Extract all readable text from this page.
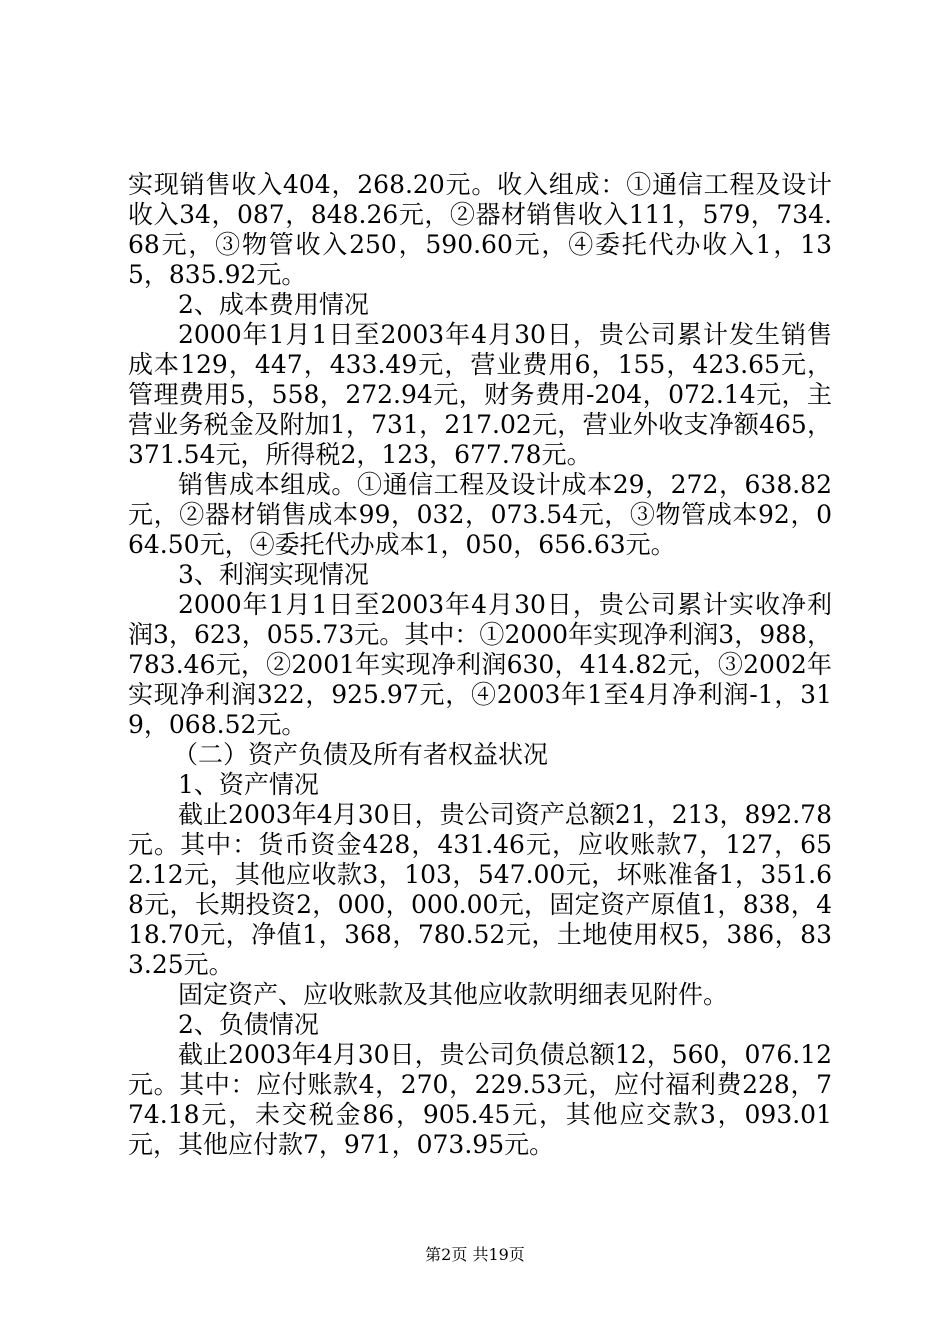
实现销售收入404，268.20元。收入组成：①通信工程及设计收入34，087，848.26元，②器材销售收入111，579，734.68元，③物管收入250，590.60元，④委托代办收入1，135，835.92元。

2、成本费用情况

2000年1月1日至2003年4月30日，贵公司累计发生销售成本129，447，433.49元，营业费用6，155，423.65元，管理费用5，558，272.94元，财务费用-204，072.14元，主营业务税金及附加1，731，217.02元，营业外收支净额465，371.54元，所得税2，123，677.78元。

销售成本组成。①通信工程及设计成本29，272，638.82元，②器材销售成本99，032，073.54元，③物管成本92，064.50元，④委托代办成本1，050，656.63元。

3、利润实现情况

2000年1月1日至2003年4月30日，贵公司累计实收净利润3，623，055.73元。其中：①2000年实现净利润3，988，783.46元，②2001年实现净利润630，414.82元，③2002年实现净利润322，925.97元，④2003年1至4月净利润-1，319，068.52元。

（二）资产负债及所有者权益状况

1、资产情况

截止2003年4月30日，贵公司资产总额21，213，892.78元。其中：货币资金428，431.46元，应收账款7，127，652.12元，其他应收款3，103，547.00元，坏账准备1，351.68元，长期投资2，000，000.00元，固定资产原值1，838，418.70元，净值1，368，780.52元，土地使用权5，386，833.25元。

固定资产、应收账款及其他应收款明细表见附件。

2、负债情况

截止2003年4月30日，贵公司负债总额12，560，076.12元。其中：应付账款4，270，229.53元，应付福利费228，774.18元，未交税金86，905.45元，其他应交款3，093.01元，其他应付款7，971，073.95元。

第2页 共19页
